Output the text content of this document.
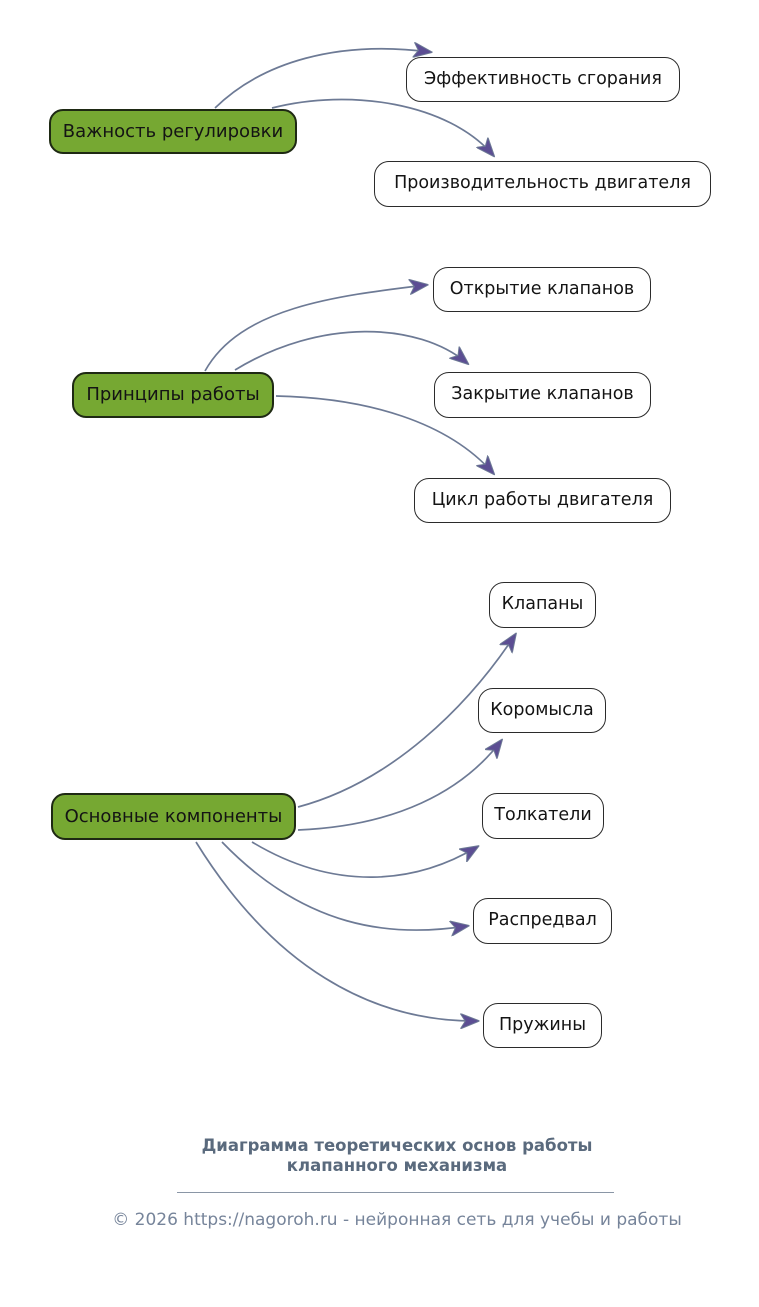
Важность регулировки
Эффективность сгорания
Производительность двигателя
Принципы работы
Открытие клапанов
Закрытие клапанов
Цикл работы двигателя
Основные компоненты
Клапаны
Коромысла
Толкатели
Распредвал
Пружины
Диаграмма теоретических основ работы
клапанного механизма
© 2026 https://nagoroh.ru - нейронная сеть для учебы и работы
